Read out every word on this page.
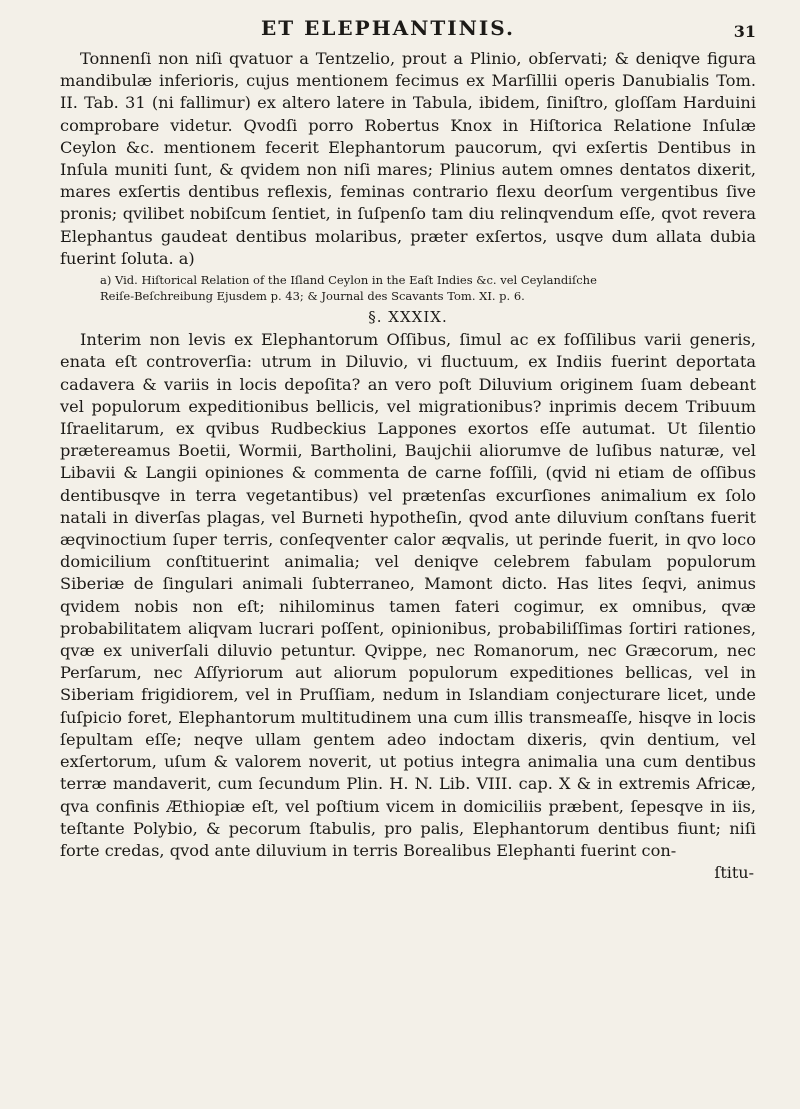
ET ELEPHANTINIS.	31

Tonnenſi non niſi qvatuor a Tentzelio, prout a Plinio, obſervati; & deniqve figura mandibulæ inferioris, cujus mentionem fecimus ex Marſillii operis Danubialis Tom. II. Tab. 31 (ni fallimur) ex altero latere in Tabula, ibidem, ſiniſtro, gloſſam Harduini comprobare videtur. Qvodſi porro Robertus Knox in Hiſtorica Relatione Inſulæ Ceylon &c. mentionem fecerit Elephantorum paucorum, qvi exſertis Dentibus in Inſula muniti ſunt, & qvidem non niſi mares; Plinius autem omnes dentatos dixerit, mares exſertis dentibus reflexis, feminas contrario flexu deorſum vergentibus ſive pronis; qvilibet nobiſcum ſentiet, in ſuſpenſo tam diu relinqvendum eſſe, qvot revera Elephantus gaudeat dentibus molaribus, præter exſertos, usqve dum allata dubia fuerint ſoluta. a)

a) Vid. Hiſtorical Relation of the Iſland Ceylon in the Eaſt Indies &c. vel Ceylandiſche

Reiſe-Beſchreibung Ejusdem p. 43; & Journal des Scavants Tom. XI. p. 6.

§. XXXIX.

Interim non levis ex Elephantorum Oſſibus, ſimul ac ex foſſilibus varii generis, enata eſt controverſia: utrum in Diluvio, vi fluctuum, ex Indiis fuerint deportata cadavera & variis in locis depoſita? an vero poſt Diluvium originem ſuam debeant vel populorum expeditionibus bellicis, vel migrationibus? inprimis decem Tribuum Iſraelitarum, ex qvibus Rudbeckius Lappones exortos eſſe autumat. Ut ſilentio prætereamus Boetii, Wormii, Bartholini, Baujchii aliorumve de luſibus naturæ, vel Libavii & Langii opiniones & commenta de carne foſſili, (qvid ni etiam de oſſibus dentibusqve in terra vegetantibus) vel prætenſas excurſiones animalium ex ſolo natali in diverſas plagas, vel Burneti hypotheſin, qvod ante diluvium conſtans fuerit æqvinoctium ſuper terris, conſeqventer calor æqvalis, ut perinde fuerit, in qvo loco domicilium conſtituerint animalia; vel deniqve celebrem fabulam populorum Siberiæ de ſingulari animali ſubterraneo, Mamont dicto. Has lites ſeqvi, animus qvidem nobis non eſt; nihilominus tamen fateri cogimur, ex omnibus, qvæ probabilitatem aliqvam lucrari poſſent, opinionibus, probabiliſſimas ſortiri rationes, qvæ ex univerſali diluvio petuntur. Qvippe, nec Romanorum, nec Græcorum, nec Perſarum, nec Aſſyriorum aut aliorum populorum expeditiones bellicas, vel in Siberiam frigidiorem, vel in Pruſſiam, nedum in Islandiam conjecturare licet, unde ſuſpicio foret, Elephantorum multitudinem una cum illis transmeaſſe, hisqve in locis ſepultam eſſe; neqve ullam gentem adeo indoctam dixeris, qvin dentium, vel exſertorum, uſum & valorem noverit, ut potius integra animalia una cum dentibus terræ mandaverit, cum ſecundum Plin. H. N. Lib. VIII. cap. X & in extremis Africæ, qva confinis Æthiopiæ eſt, vel poſtium vicem in domiciliis præbent, ſepesqve in iis, teſtante Polybio, & pecorum ſtabulis, pro palis, Elephantorum dentibus fiunt; niſi forte credas, qvod ante diluvium in terris Borealibus Elephanti fuerint con-

ſtitu-
